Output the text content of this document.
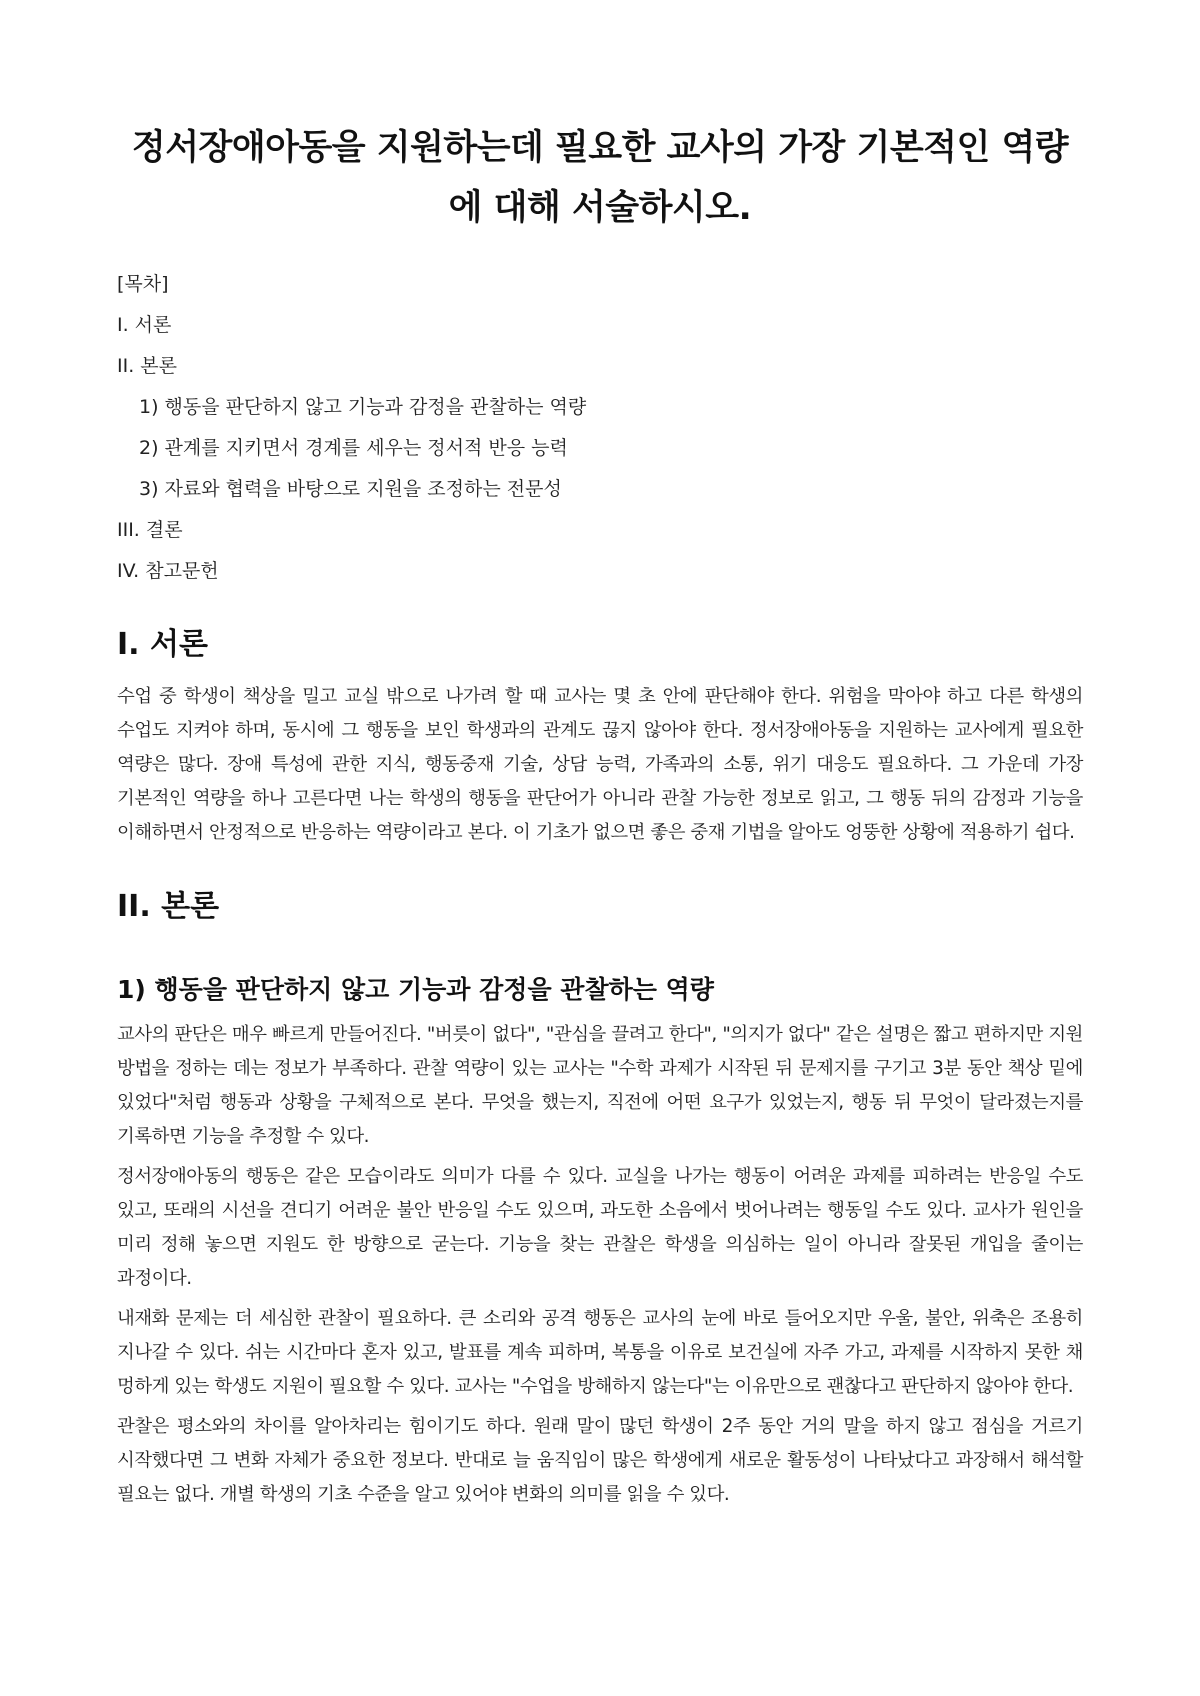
정서장애아동을 지원하는데 필요한 교사의 가장 기본적인 역량에 대해 서술하시오.
[목차]
I. 서론
II. 본론
1) 행동을 판단하지 않고 기능과 감정을 관찰하는 역량
2) 관계를 지키면서 경계를 세우는 정서적 반응 능력
3) 자료와 협력을 바탕으로 지원을 조정하는 전문성
III. 결론
IV. 참고문헌
I. 서론

수업 중 학생이 책상을 밀고 교실 밖으로 나가려 할 때 교사는 몇 초 안에 판단해야 한다. 위험을 막아야 하고 다른 학생의 수업도 지켜야 하며, 동시에 그 행동을 보인 학생과의 관계도 끊지 않아야 한다. 정서장애아동을 지원하는 교사에게 필요한 역량은 많다. 장애 특성에 관한 지식, 행동중재 기술, 상담 능력, 가족과의 소통, 위기 대응도 필요하다. 그 가운데 가장 기본적인 역량을 하나 고른다면 나는 학생의 행동을 판단어가 아니라 관찰 가능한 정보로 읽고, 그 행동 뒤의 감정과 기능을 이해하면서 안정적으로 반응하는 역량이라고 본다. 이 기초가 없으면 좋은 중재 기법을 알아도 엉뚱한 상황에 적용하기 쉽다.

II. 본론
1) 행동을 판단하지 않고 기능과 감정을 관찰하는 역량

교사의 판단은 매우 빠르게 만들어진다. "버릇이 없다", "관심을 끌려고 한다", "의지가 없다" 같은 설명은 짧고 편하지만 지원 방법을 정하는 데는 정보가 부족하다. 관찰 역량이 있는 교사는 "수학 과제가 시작된 뒤 문제지를 구기고 3분 동안 책상 밑에 있었다"처럼 행동과 상황을 구체적으로 본다. 무엇을 했는지, 직전에 어떤 요구가 있었는지, 행동 뒤 무엇이 달라졌는지를 기록하면 기능을 추정할 수 있다.

정서장애아동의 행동은 같은 모습이라도 의미가 다를 수 있다. 교실을 나가는 행동이 어려운 과제를 피하려는 반응일 수도 있고, 또래의 시선을 견디기 어려운 불안 반응일 수도 있으며, 과도한 소음에서 벗어나려는 행동일 수도 있다. 교사가 원인을 미리 정해 놓으면 지원도 한 방향으로 굳는다. 기능을 찾는 관찰은 학생을 의심하는 일이 아니라 잘못된 개입을 줄이는 과정이다.

내재화 문제는 더 세심한 관찰이 필요하다. 큰 소리와 공격 행동은 교사의 눈에 바로 들어오지만 우울, 불안, 위축은 조용히 지나갈 수 있다. 쉬는 시간마다 혼자 있고, 발표를 계속 피하며, 복통을 이유로 보건실에 자주 가고, 과제를 시작하지 못한 채 멍하게 있는 학생도 지원이 필요할 수 있다. 교사는 "수업을 방해하지 않는다"는 이유만으로 괜찮다고 판단하지 않아야 한다.

관찰은 평소와의 차이를 알아차리는 힘이기도 하다. 원래 말이 많던 학생이 2주 동안 거의 말을 하지 않고 점심을 거르기 시작했다면 그 변화 자체가 중요한 정보다. 반대로 늘 움직임이 많은 학생에게 새로운 활동성이 나타났다고 과장해서 해석할 필요는 없다. 개별 학생의 기초 수준을 알고 있어야 변화의 의미를 읽을 수 있다.
